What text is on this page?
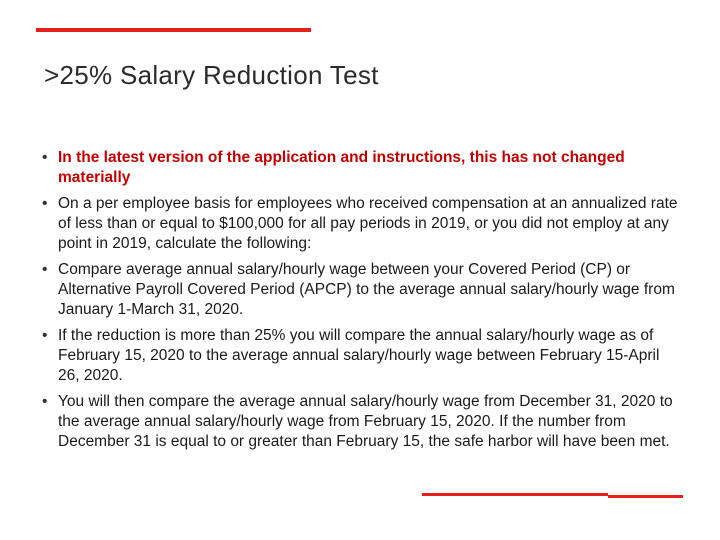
>25% Salary Reduction Test
• In the latest version of the application and instructions, this has not changed materially
• On a per employee basis for employees who received compensation at an annualized rate of less than or equal to $100,000 for all pay periods in 2019, or you did not employ at any point in 2019, calculate the following:
• Compare average annual salary/hourly wage between your Covered Period (CP) or Alternative Payroll Covered Period (APCP) to the average annual salary/hourly wage from January 1-March 31, 2020.
• If the reduction is more than 25% you will compare the annual salary/hourly wage as of February 15, 2020 to the average annual salary/hourly wage between February 15-April 26, 2020.
• You will then compare the average annual salary/hourly wage from December 31, 2020 to the average annual salary/hourly wage from February 15, 2020. If the number from December 31 is equal to or greater than February 15, the safe harbor will have been met.
